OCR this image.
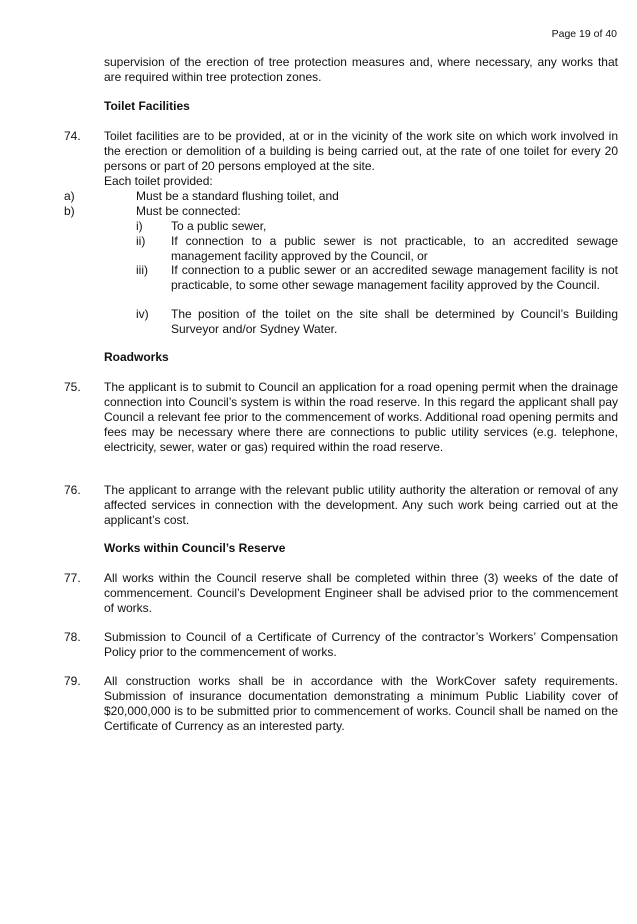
Page 19 of 40
supervision of the erection of tree protection measures and, where necessary, any works that are required within tree protection zones.
Toilet Facilities
74. Toilet facilities are to be provided, at or in the vicinity of the work site on which work involved in the erection or demolition of a building is being carried out, at the rate of one toilet for every 20 persons or part of 20 persons employed at the site.
Each toilet provided:
a)	Must be a standard flushing toilet, and
b)	Must be connected:
i) To a public sewer,
ii) If connection to a public sewer is not practicable, to an accredited sewage management facility approved by the Council, or
iii) If connection to a public sewer or an accredited sewage management facility is not practicable, to some other sewage management facility approved by the Council.
iv) The position of the toilet on the site shall be determined by Council’s Building Surveyor and/or Sydney Water.
Roadworks
75. The applicant is to submit to Council an application for a road opening permit when the drainage connection into Council’s system is within the road reserve. In this regard the applicant shall pay Council a relevant fee prior to the commencement of works. Additional road opening permits and fees may be necessary where there are connections to public utility services (e.g. telephone, electricity, sewer, water or gas) required within the road reserve.
76. The applicant to arrange with the relevant public utility authority the alteration or removal of any affected services in connection with the development. Any such work being carried out at the applicant’s cost.
Works within Council’s Reserve
77. All works within the Council reserve shall be completed within three (3) weeks of the date of commencement. Council’s Development Engineer shall be advised prior to the commencement of works.
78. Submission to Council of a Certificate of Currency of the contractor’s Workers’ Compensation Policy prior to the commencement of works.
79. All construction works shall be in accordance with the WorkCover safety requirements. Submission of insurance documentation demonstrating a minimum Public Liability cover of $20,000,000 is to be submitted prior to commencement of works. Council shall be named on the Certificate of Currency as an interested party.
